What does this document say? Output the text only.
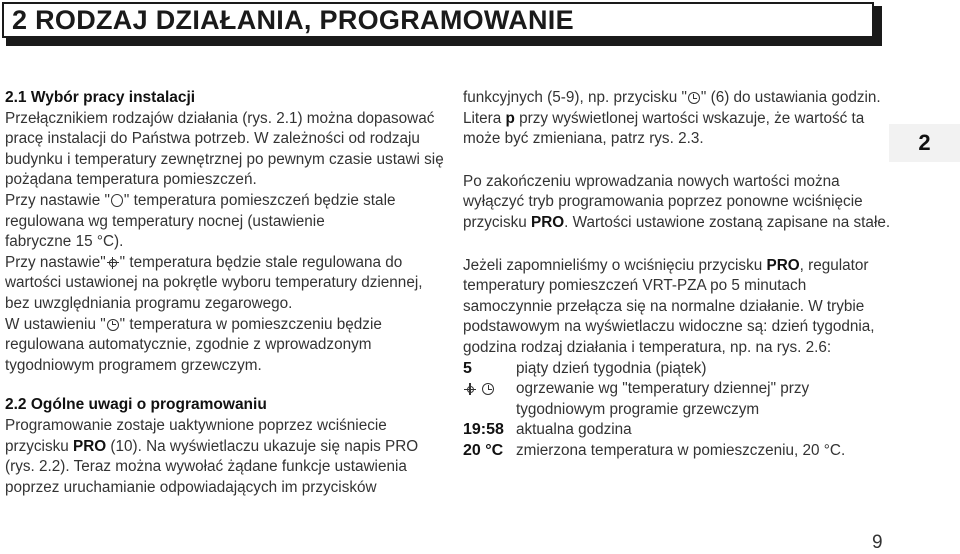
2 RODZAJ DZIAŁANIA, PROGRAMOWANIE
2.1 Wybór pracy instalacji
Przełącznikiem rodzajów działania (rys. 2.1) można dopasować
pracę instalacji do Państwa potrzeb. W zależności od rodzaju
budynku i temperatury zewnętrznej po pewnym czasie ustawi się
pożądana temperatura pomieszczeń.
Przy nastawie " " temperatura pomieszczeń będzie stale
regulowana wg temperatury nocnej (ustawienie
fabryczne 15 °C).
Przy nastawie" " temperatura będzie stale regulowana do
wartości ustawionej na pokrętle wyboru temperatury dziennej,
bez uwzględniania programu zegarowego.
W ustawieniu " " temperatura w pomieszczeniu będzie
regulowana automatycznie, zgodnie z wprowadzonym
tygodniowym programem grzewczym.
2.2 Ogólne uwagi o programowaniu
Programowanie zostaje uaktywnione poprzez wciśniecie
przycisku PRO (10). Na wyświetlaczu ukazuje się napis PRO
(rys. 2.2). Teraz można wywołać żądane funkcje ustawienia
poprzez uruchamianie odpowiadających im przycisków
funkcyjnych (5-9), np. przycisku " " (6) do ustawiania godzin.
Litera p przy wyświetlonej wartości wskazuje, że wartość ta
może być zmieniana, patrz rys. 2.3.
Po zakończeniu wprowadzania nowych wartości można
wyłączyć tryb programowania poprzez ponowne wciśnięcie
przycisku PRO. Wartości ustawione zostaną zapisane na stałe.
Jeżeli zapomnieliśmy o wciśnięciu przycisku PRO, regulator
temperatury pomieszczeń VRT-PZA po 5 minutach
samoczynnie przełącza się na normalne działanie. W trybie
podstawowym na wyświetlaczu widoczne są: dzień tygodnia,
godzina rodzaj działania i temperatura, np. na rys. 2.6:
5	piąty dzień tygodnia (piątek)

ogrzewanie wg "temperatury dziennej" przy
tygodniowym programie grzewczym
19:58 aktualna godzina
20 °C zmierzona temperatura w pomieszczeniu, 20 °C.
2
9
